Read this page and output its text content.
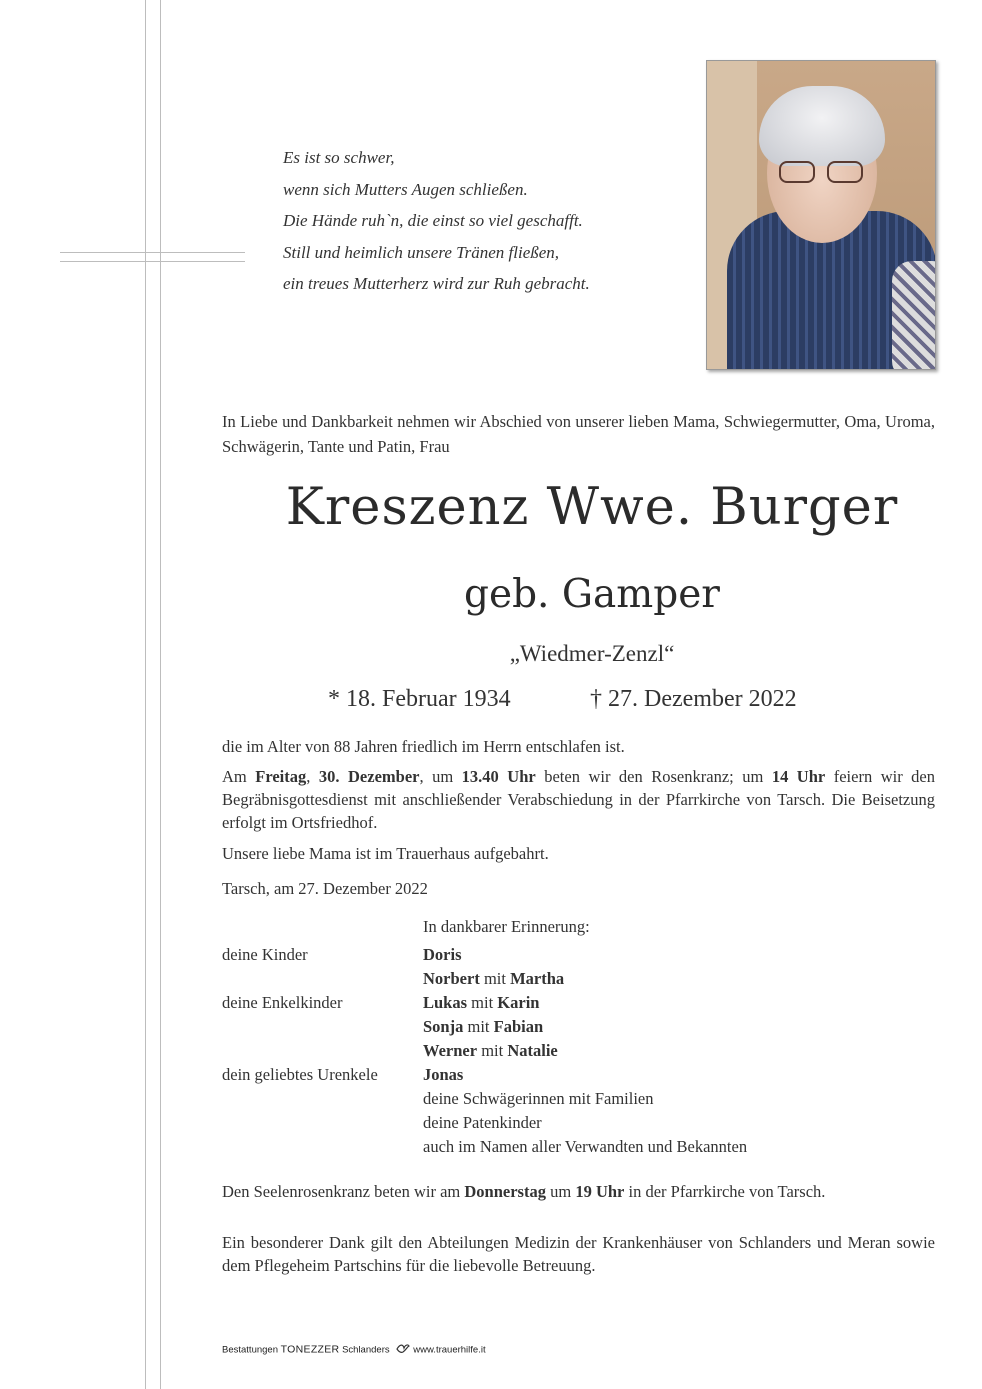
Es ist so schwer,
wenn sich Mutters Augen schließen.
Die Hände ruh`n, die einst so viel geschafft.
Still und heimlich unsere Tränen fließen,
ein treues Mutterherz wird zur Ruh gebracht.
In Liebe und Dankbarkeit nehmen wir Abschied von unserer lieben Mama, Schwiegermutter, Oma, Uroma, Schwägerin, Tante und Patin, Frau
Kreszenz Wwe. Burger
geb. Gamper
„Wiedmer-Zenzl“
* 18. Februar 1934	† 27. Dezember 2022
die im Alter von 88 Jahren friedlich im Herrn entschlafen ist.
Am Freitag, 30. Dezember, um 13.40 Uhr beten wir den Rosenkranz; um 14 Uhr feiern wir den Begräbnisgottesdienst mit anschließender Verabschiedung in der Pfarrkirche von Tarsch. Die Beisetzung erfolgt im Ortsfriedhof.
Unsere liebe Mama ist im Trauerhaus aufgebahrt.
Tarsch, am 27. Dezember 2022
In dankbarer Erinnerung:
deine Kinder	Doris
Norbert mit Martha
deine Enkelkinder	Lukas mit Karin
Sonja mit Fabian
Werner mit Natalie
dein geliebtes Urenkele	Jonas
deine Schwägerinnen mit Familien
deine Patenkinder
auch im Namen aller Verwandten und Bekannten
Den Seelenrosenkranz beten wir am Donnerstag um 19 Uhr in der Pfarrkirche von Tarsch.
Ein besonderer Dank gilt den Abteilungen Medizin der Krankenhäuser von Schlanders und Meran sowie dem Pflegeheim Partschins für die liebevolle Betreuung.
Bestattungen TONEZZER Schlanders www.trauerhilfe.it
